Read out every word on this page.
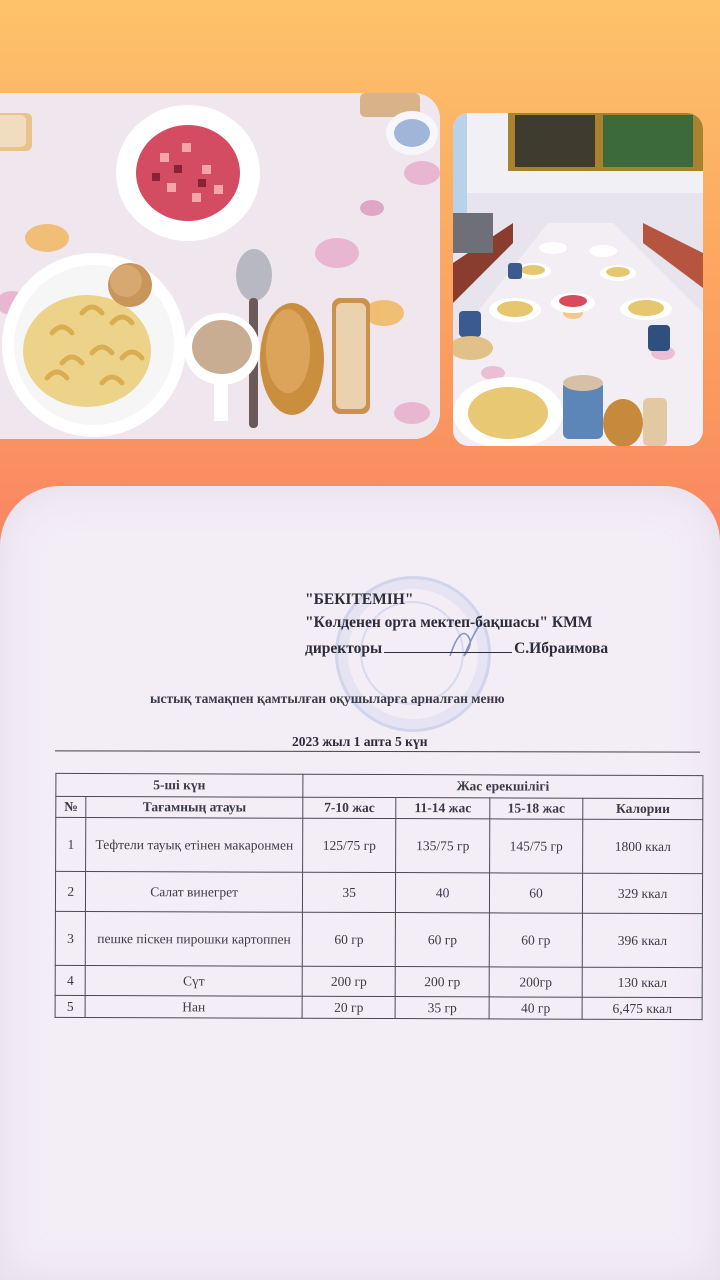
"БЕКІТЕМІН"
"Көлденен орта мектеп-бақшасы" КММ
директоры	С.Ибраимова
ыстық тамақпен қамтылған оқушыларға арналған меню
2023 жыл 1 апта 5 күн
5-ші күн		Жас ерекшілігі			
№	Тағамның атауы	7-10 жас	11-14 жас	15-18 жас	Калории
1	Тефтели тауық етінен макаронмен	125/75 гр	135/75 гр	145/75 гр	1800 ккал
2	Салат винегрет	35	40	60	329 ккал
3	пешке піскен пирошки картоппен	60 гр	60 гр	60 гр	396 ккал
4	Сүт	200 гр	200 гр	200гр	130 ккал
5	Нан	20 гр	35 гр	40 гр	6,475 ккал
